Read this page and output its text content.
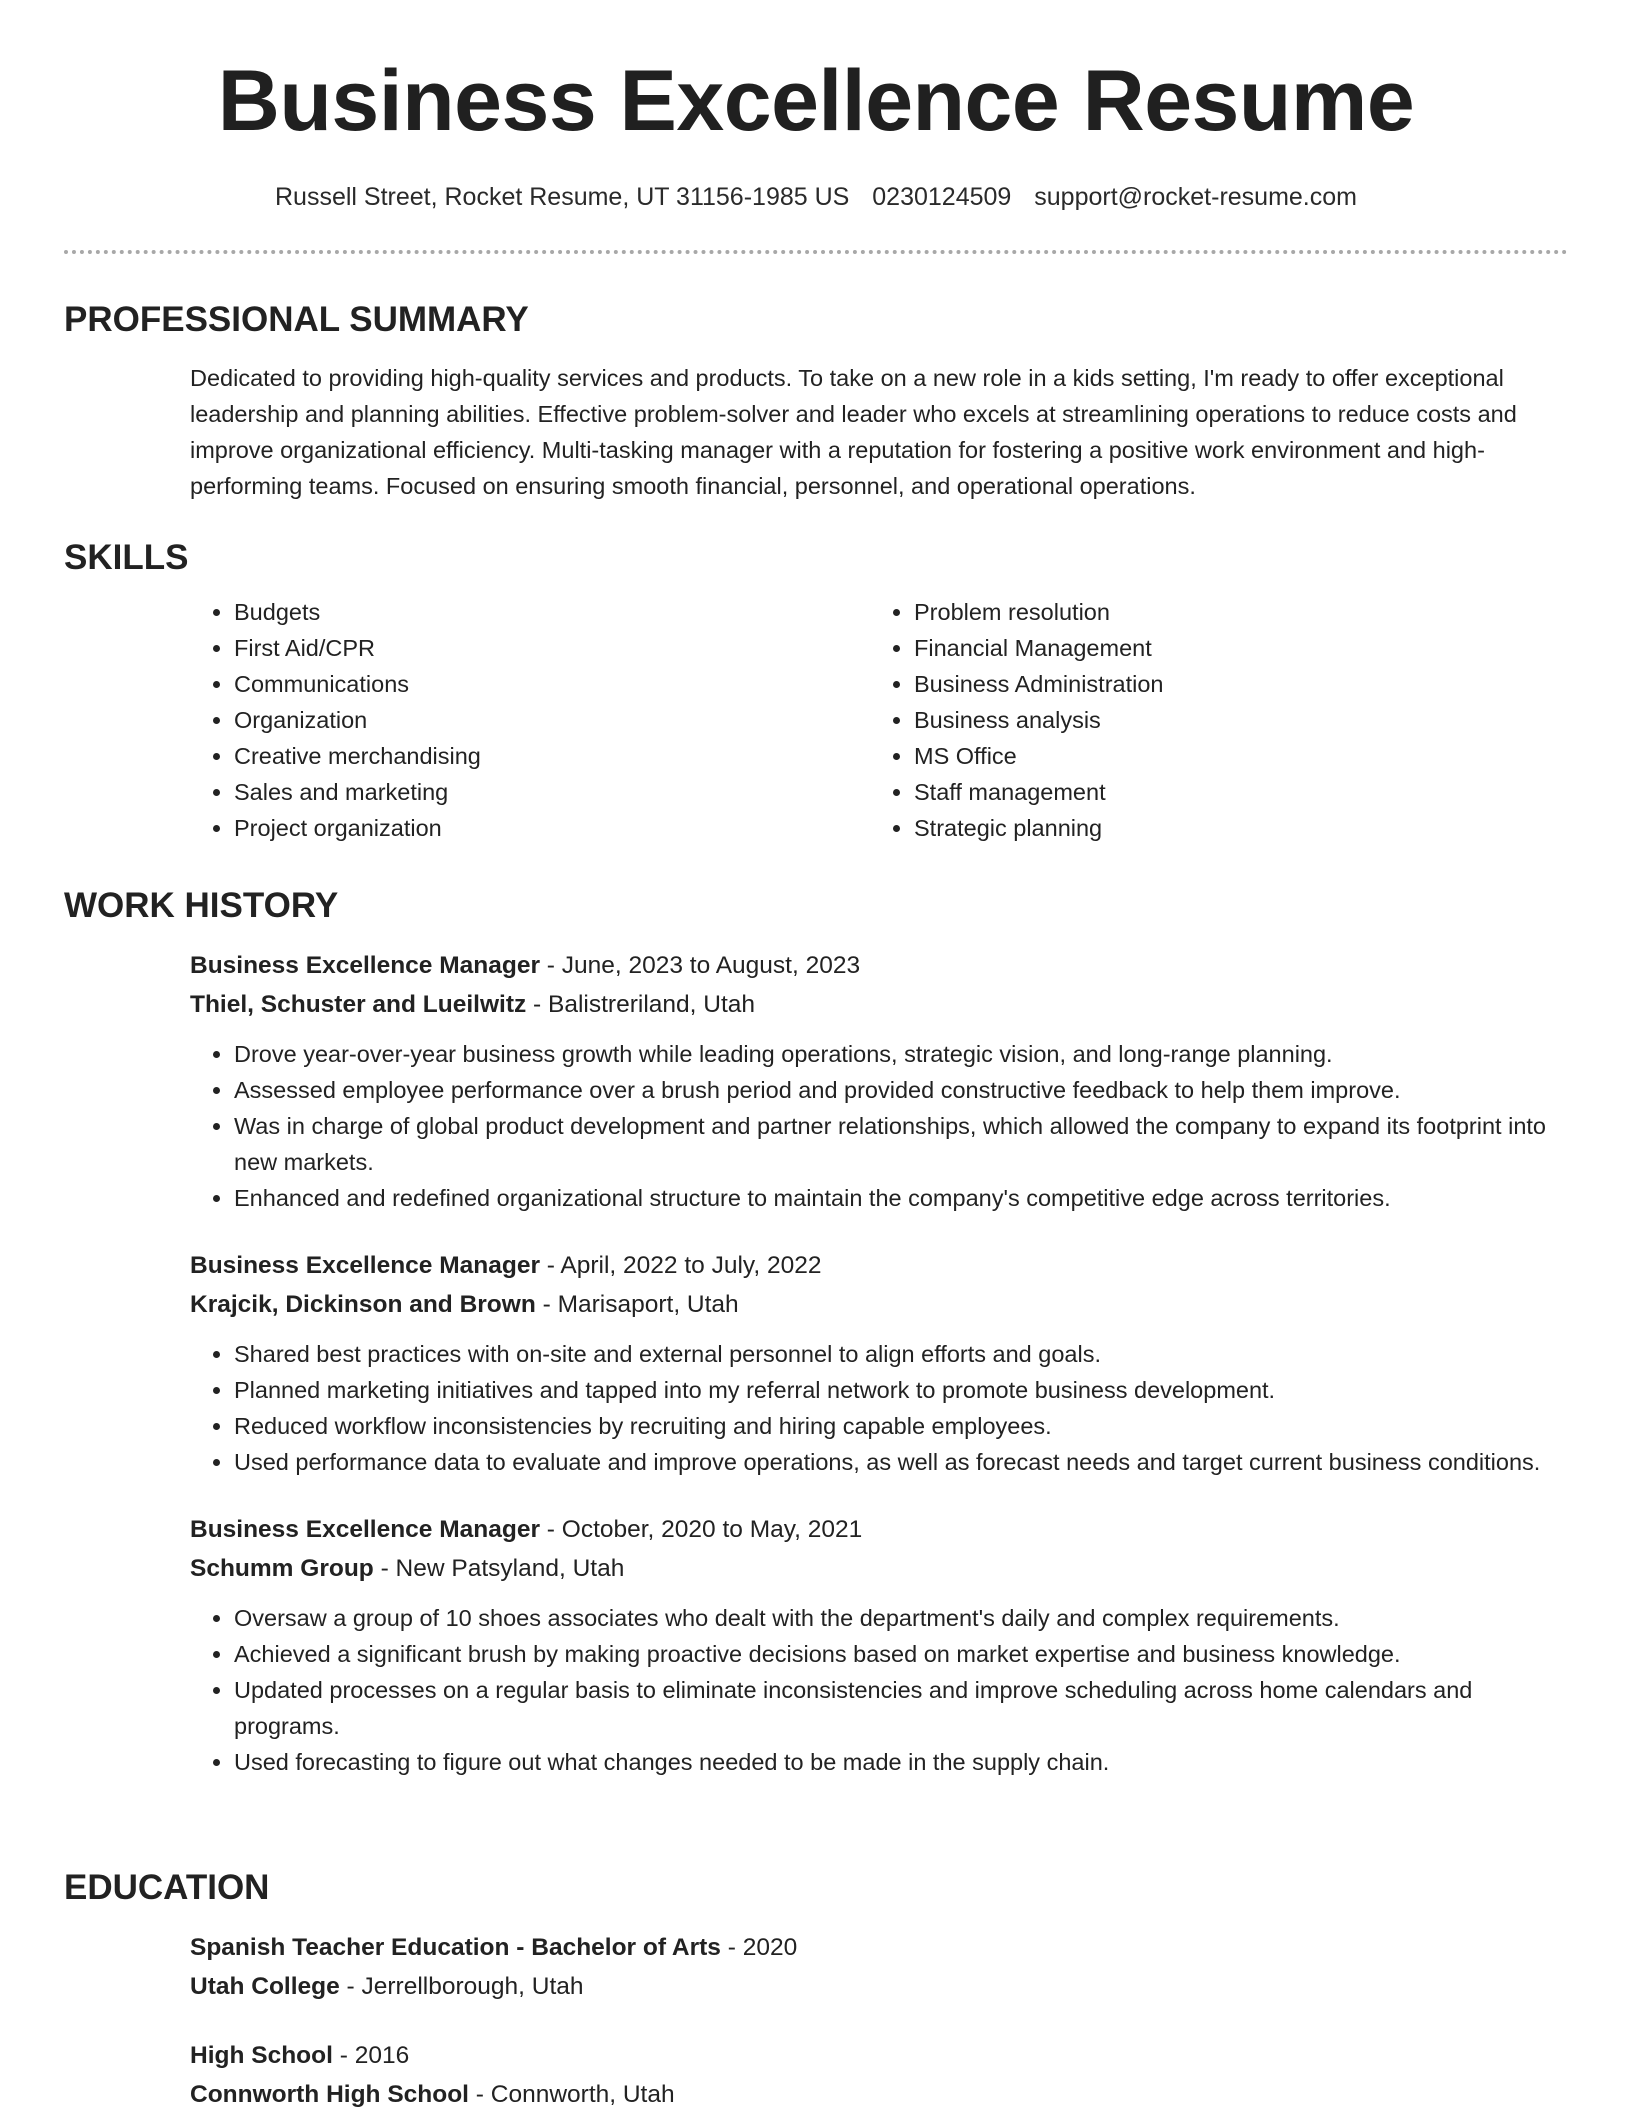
Business Excellence Resume
Russell Street, Rocket Resume, UT 31156-1985 US 0230124509 support@rocket-resume.com
PROFESSIONAL SUMMARY

Dedicated to providing high-quality services and products. To take on a new role in a kids setting, I'm ready to offer exceptional leadership and planning abilities. Effective problem-solver and leader who excels at streamlining operations to reduce costs and improve organizational efficiency. Multi-tasking manager with a reputation for fostering a positive work environment and high-performing teams. Focused on ensuring smooth financial, personnel, and operational operations.

SKILLS
• Budgets
• First Aid/CPR
• Communications
• Organization
• Creative merchandising
• Sales and marketing
• Project organization
• Problem resolution
• Financial Management
• Business Administration
• Business analysis
• MS Office
• Staff management
• Strategic planning
WORK HISTORY
Business Excellence Manager - June, 2023 to August, 2023
Thiel, Schuster and Lueilwitz - Balistreriland, Utah
• Drove year-over-year business growth while leading operations, strategic vision, and long-range planning.
• Assessed employee performance over a brush period and provided constructive feedback to help them improve.
• Was in charge of global product development and partner relationships, which allowed the company to expand its footprint into new markets.
• Enhanced and redefined organizational structure to maintain the company's competitive edge across territories.
Business Excellence Manager - April, 2022 to July, 2022
Krajcik, Dickinson and Brown - Marisaport, Utah
• Shared best practices with on-site and external personnel to align efforts and goals.
• Planned marketing initiatives and tapped into my referral network to promote business development.
• Reduced workflow inconsistencies by recruiting and hiring capable employees.
• Used performance data to evaluate and improve operations, as well as forecast needs and target current business conditions.
Business Excellence Manager - October, 2020 to May, 2021
Schumm Group - New Patsyland, Utah
• Oversaw a group of 10 shoes associates who dealt with the department's daily and complex requirements.
• Achieved a significant brush by making proactive decisions based on market expertise and business knowledge.
• Updated processes on a regular basis to eliminate inconsistencies and improve scheduling across home calendars and programs.
• Used forecasting to figure out what changes needed to be made in the supply chain.
EDUCATION
Spanish Teacher Education - Bachelor of Arts - 2020
Utah College - Jerrellborough, Utah
High School - 2016
Connworth High School - Connworth, Utah
